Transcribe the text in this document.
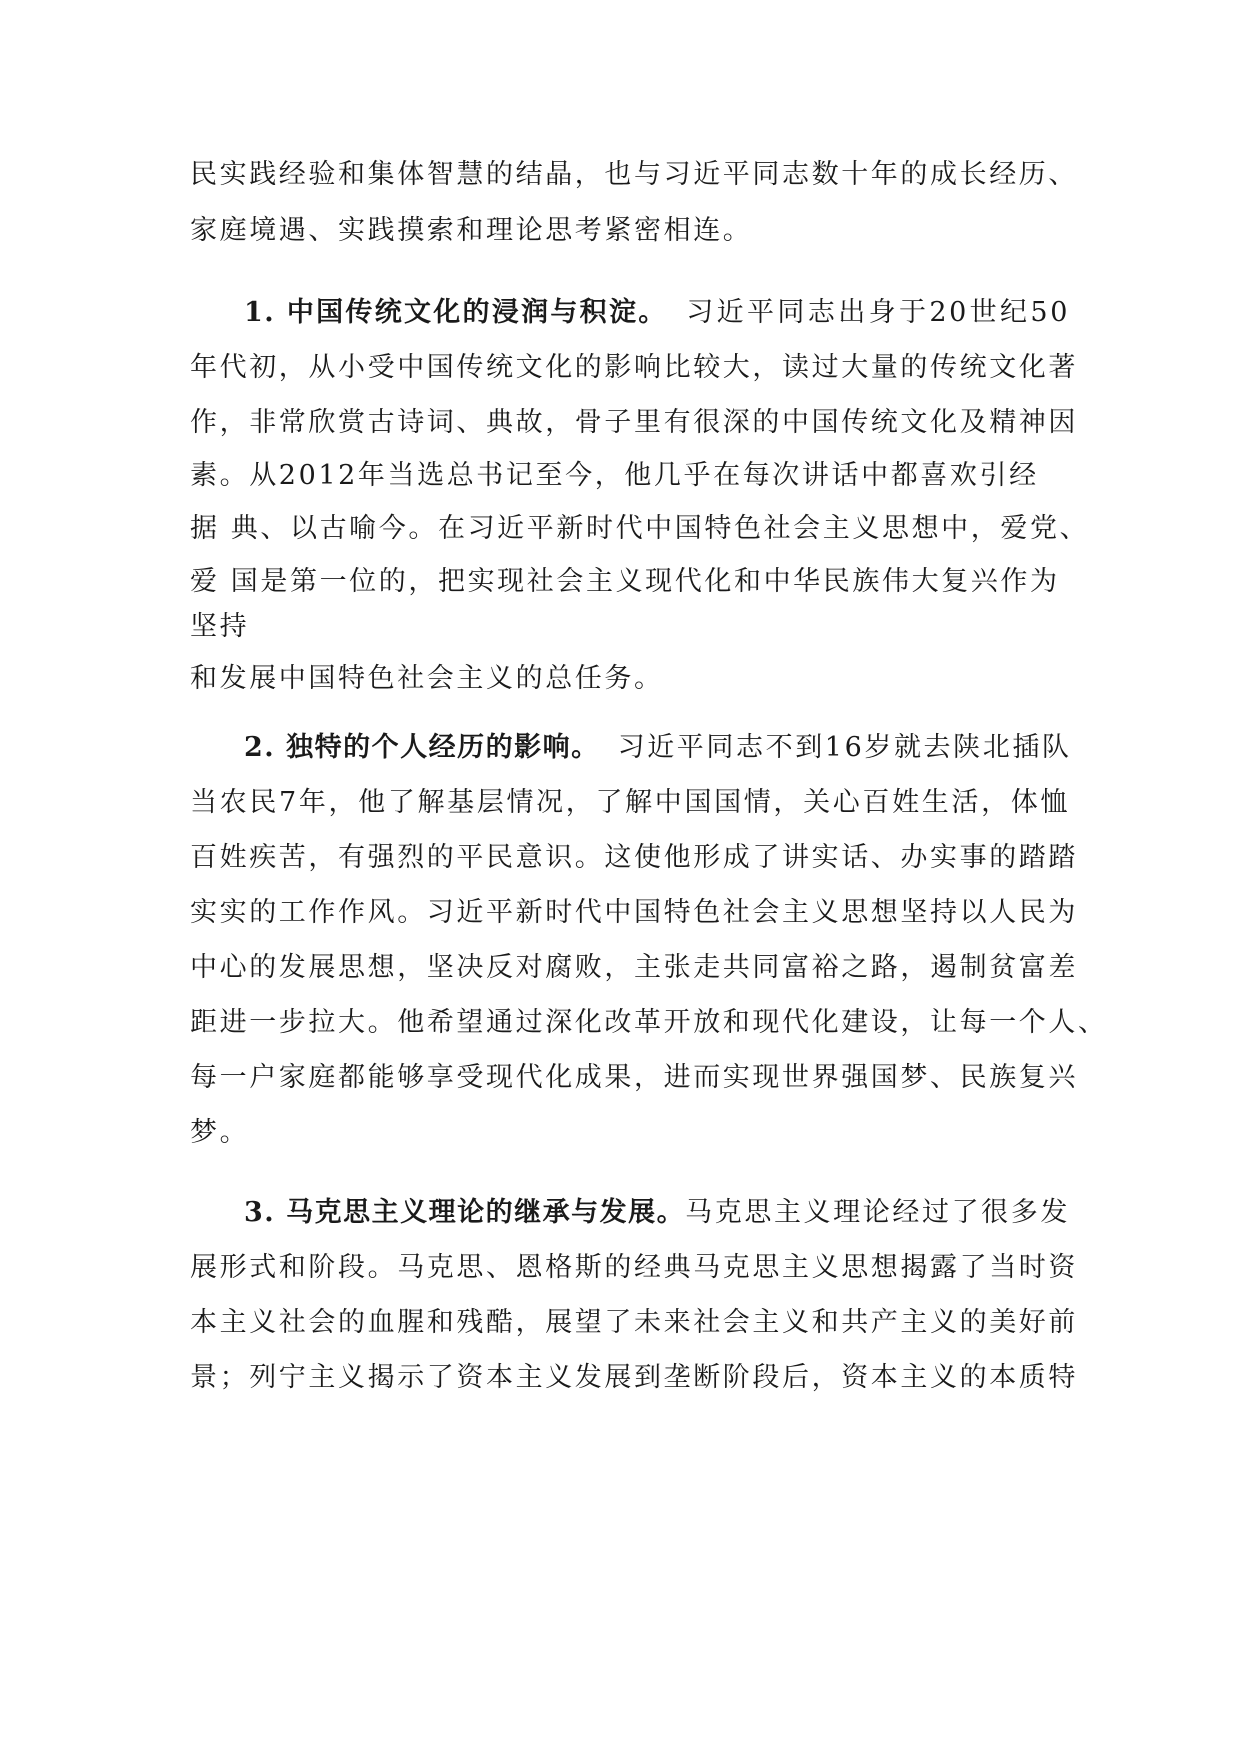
民实践经验和集体智慧的结晶，也与习近平同志数十年的成长经历、
家庭境遇、实践摸索和理论思考紧密相连。
1. 中国传统文化的浸润与积淀。 习近平同志出身于20世纪50
年代初，从小受中国传统文化的影响比较大，读过大量的传统文化著
作，非常欣赏古诗词、典故，骨子里有很深的中国传统文化及精神因
素。从2012年当选总书记至今，他几乎在每次讲话中都喜欢引经
据 典、以古喻今。在习近平新时代中国特色社会主义思想中，爱党、
爱 国是第一位的，把实现社会主义现代化和中华民族伟大复兴作为
坚持
和发展中国特色社会主义的总任务。
2. 独特的个人经历的影响。 习近平同志不到16岁就去陕北插队
当农民7年，他了解基层情况，了解中国国情，关心百姓生活，体恤
百姓疾苦，有强烈的平民意识。这使他形成了讲实话、办实事的踏踏
实实的工作作风。习近平新时代中国特色社会主义思想坚持以人民为
中心的发展思想，坚决反对腐败，主张走共同富裕之路，遏制贫富差
距进一步拉大。他希望通过深化改革开放和现代化建设，让每一个人、
每一户家庭都能够享受现代化成果，进而实现世界强国梦、民族复兴
梦。
3. 马克思主义理论的继承与发展。马克思主义理论经过了很多发
展形式和阶段。马克思、恩格斯的经典马克思主义思想揭露了当时资
本主义社会的血腥和残酷，展望了未来社会主义和共产主义的美好前
景；列宁主义揭示了资本主义发展到垄断阶段后，资本主义的本质特
